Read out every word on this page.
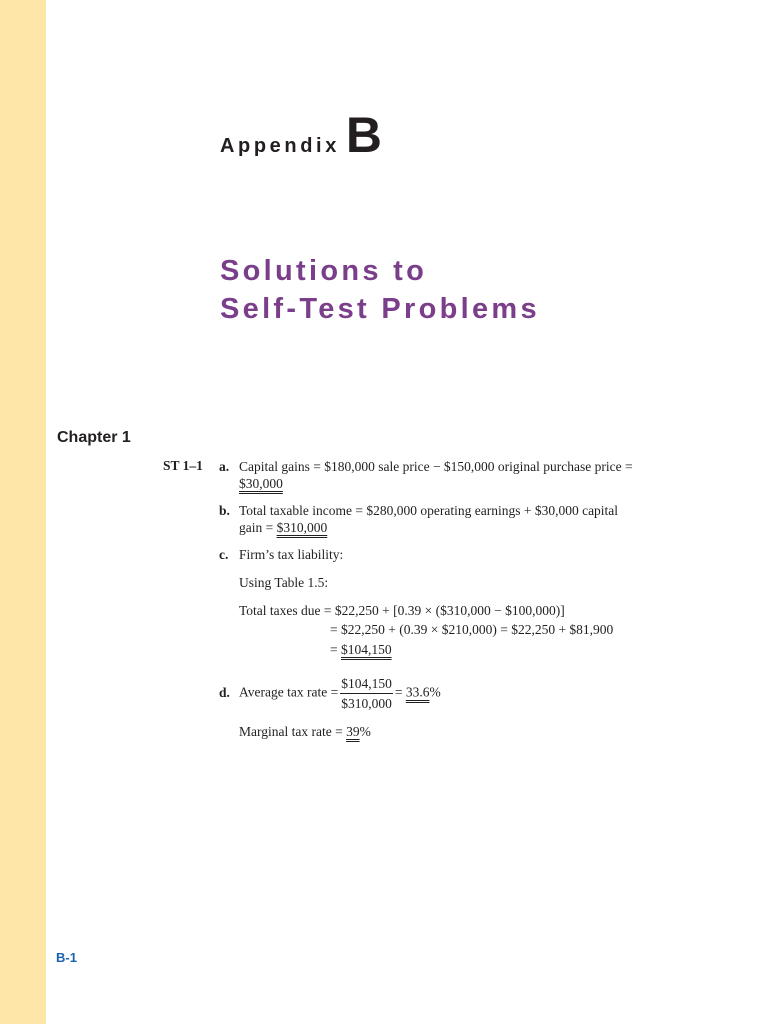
Appendix B
Solutions to
Self-Test Problems
Chapter 1
ST 1–1 a. Capital gains = $180,000 sale price − $150,000 original purchase price =
$30,000
b. Total taxable income = $280,000 operating earnings + $30,000 capital
gain = $310,000
c. Firm’s tax liability:
Using Table 1.5:
Total taxes due = $22,250 + [0.39 × ($310,000 − $100,000)]
= $22,250 + (0.39 × $210,000) = $22,250 + $81,900
= $104,150
d. Average tax rate = $\frac{\$104,150}{\$310,000} = 33.6\%$
Marginal tax rate = 39%
B-1
